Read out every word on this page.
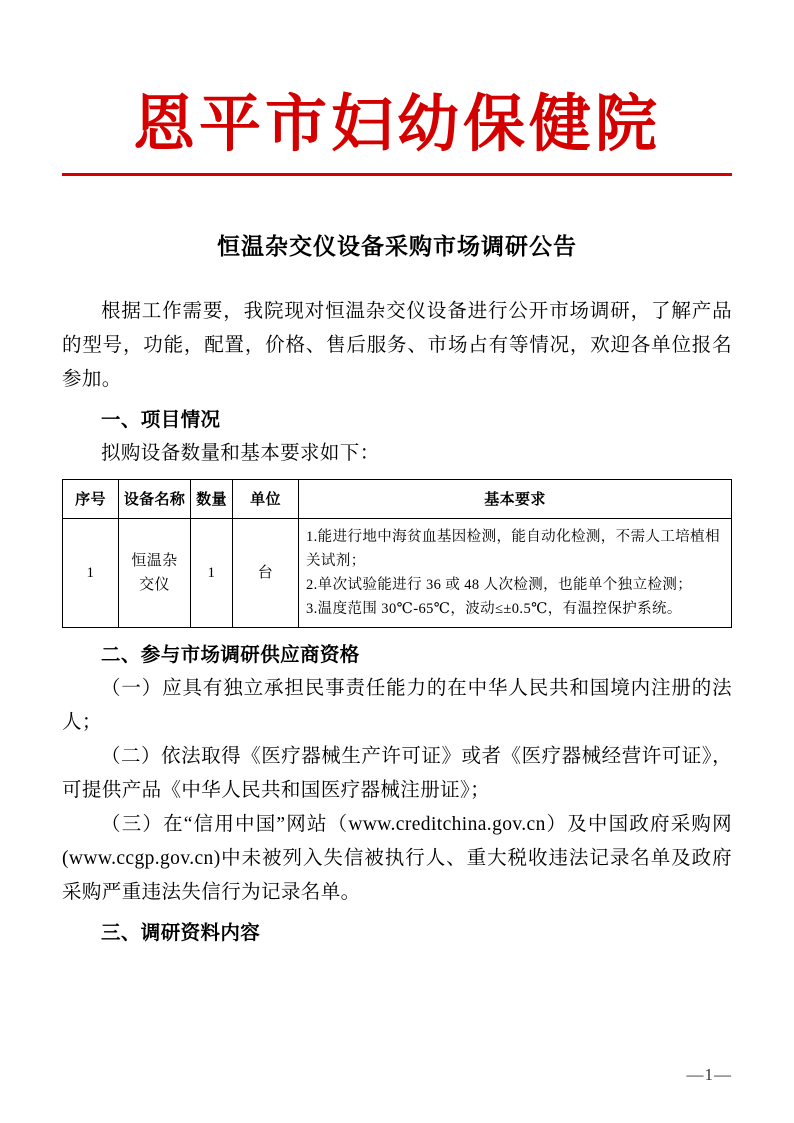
恩平市妇幼保健院
恒温杂交仪设备采购市场调研公告

根据工作需要，我院现对恒温杂交仪设备进行公开市场调研，了解产品的型号，功能，配置，价格、售后服务、市场占有等情况，欢迎各单位报名参加。

一、项目情况

拟购设备数量和基本要求如下：

序号	设备名称	数量	单位	基本要求
1	恒温杂交仪	1	台	1.能进行地中海贫血基因检测，能自动化检测，不需人工培植相关试剂；
2.单次试验能进行 36 或 48 人次检测，也能单个独立检测；
3.温度范围 30℃-65℃，波动≤±0.5℃，有温控保护系统。

二、参与市场调研供应商资格

（一）应具有独立承担民事责任能力的在中华人民共和国境内注册的法人；

（二）依法取得《医疗器械生产许可证》或者《医疗器械经营许可证》，可提供产品《中华人民共和国医疗器械注册证》；

（三）在“信用中国”网站（www.creditchina.gov.cn）及中国政府采购网(www.ccgp.gov.cn)中未被列入失信被执行人、重大税收违法记录名单及政府采购严重违法失信行为记录名单。

三、调研资料内容

—1—
